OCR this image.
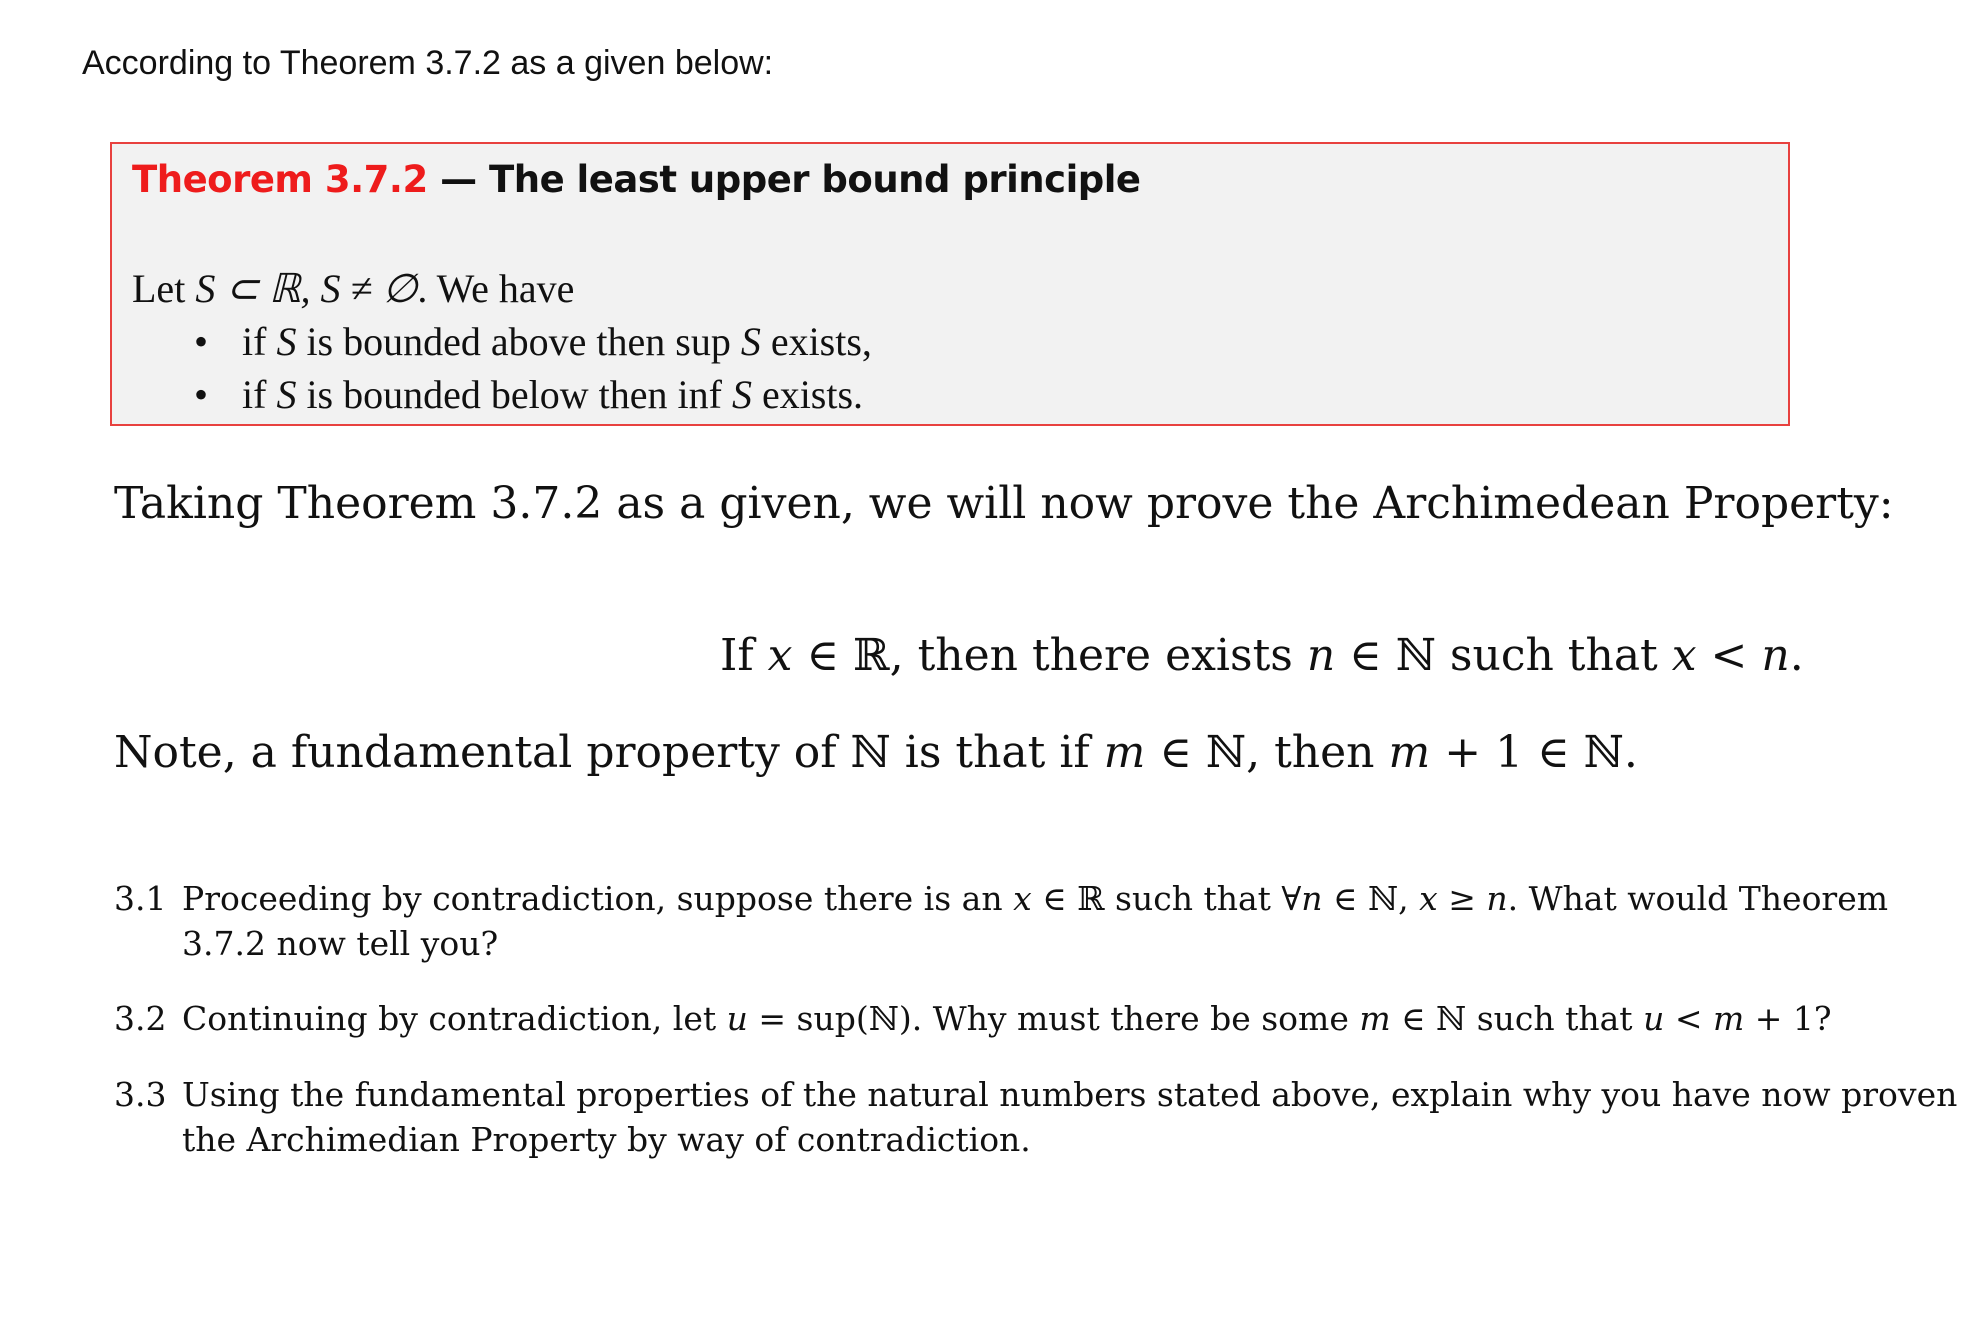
According to Theorem 3.7.2 as a given below:
Theorem 3.7.2 — The least upper bound principle
Let S ⊂ ℝ, S ≠ ∅. We have
• if S is bounded above then sup S exists,
• if S is bounded below then inf S exists.
Taking Theorem 3.7.2 as a given, we will now prove the Archimedean Property:
If x ∈ ℝ, then there exists n ∈ ℕ such that x < n.
Note, a fundamental property of ℕ is that if m ∈ ℕ, then m + 1 ∈ ℕ.
3.1 Proceeding by contradiction, suppose there is an x ∈ ℝ such that ∀n ∈ ℕ, x ≥ n. What would Theorem 3.7.2 now tell you?
3.2 Continuing by contradiction, let u = sup(ℕ). Why must there be some m ∈ ℕ such that u < m + 1?
3.3 Using the fundamental properties of the natural numbers stated above, explain why you have now proven the Archimedian Property by way of contradiction.
